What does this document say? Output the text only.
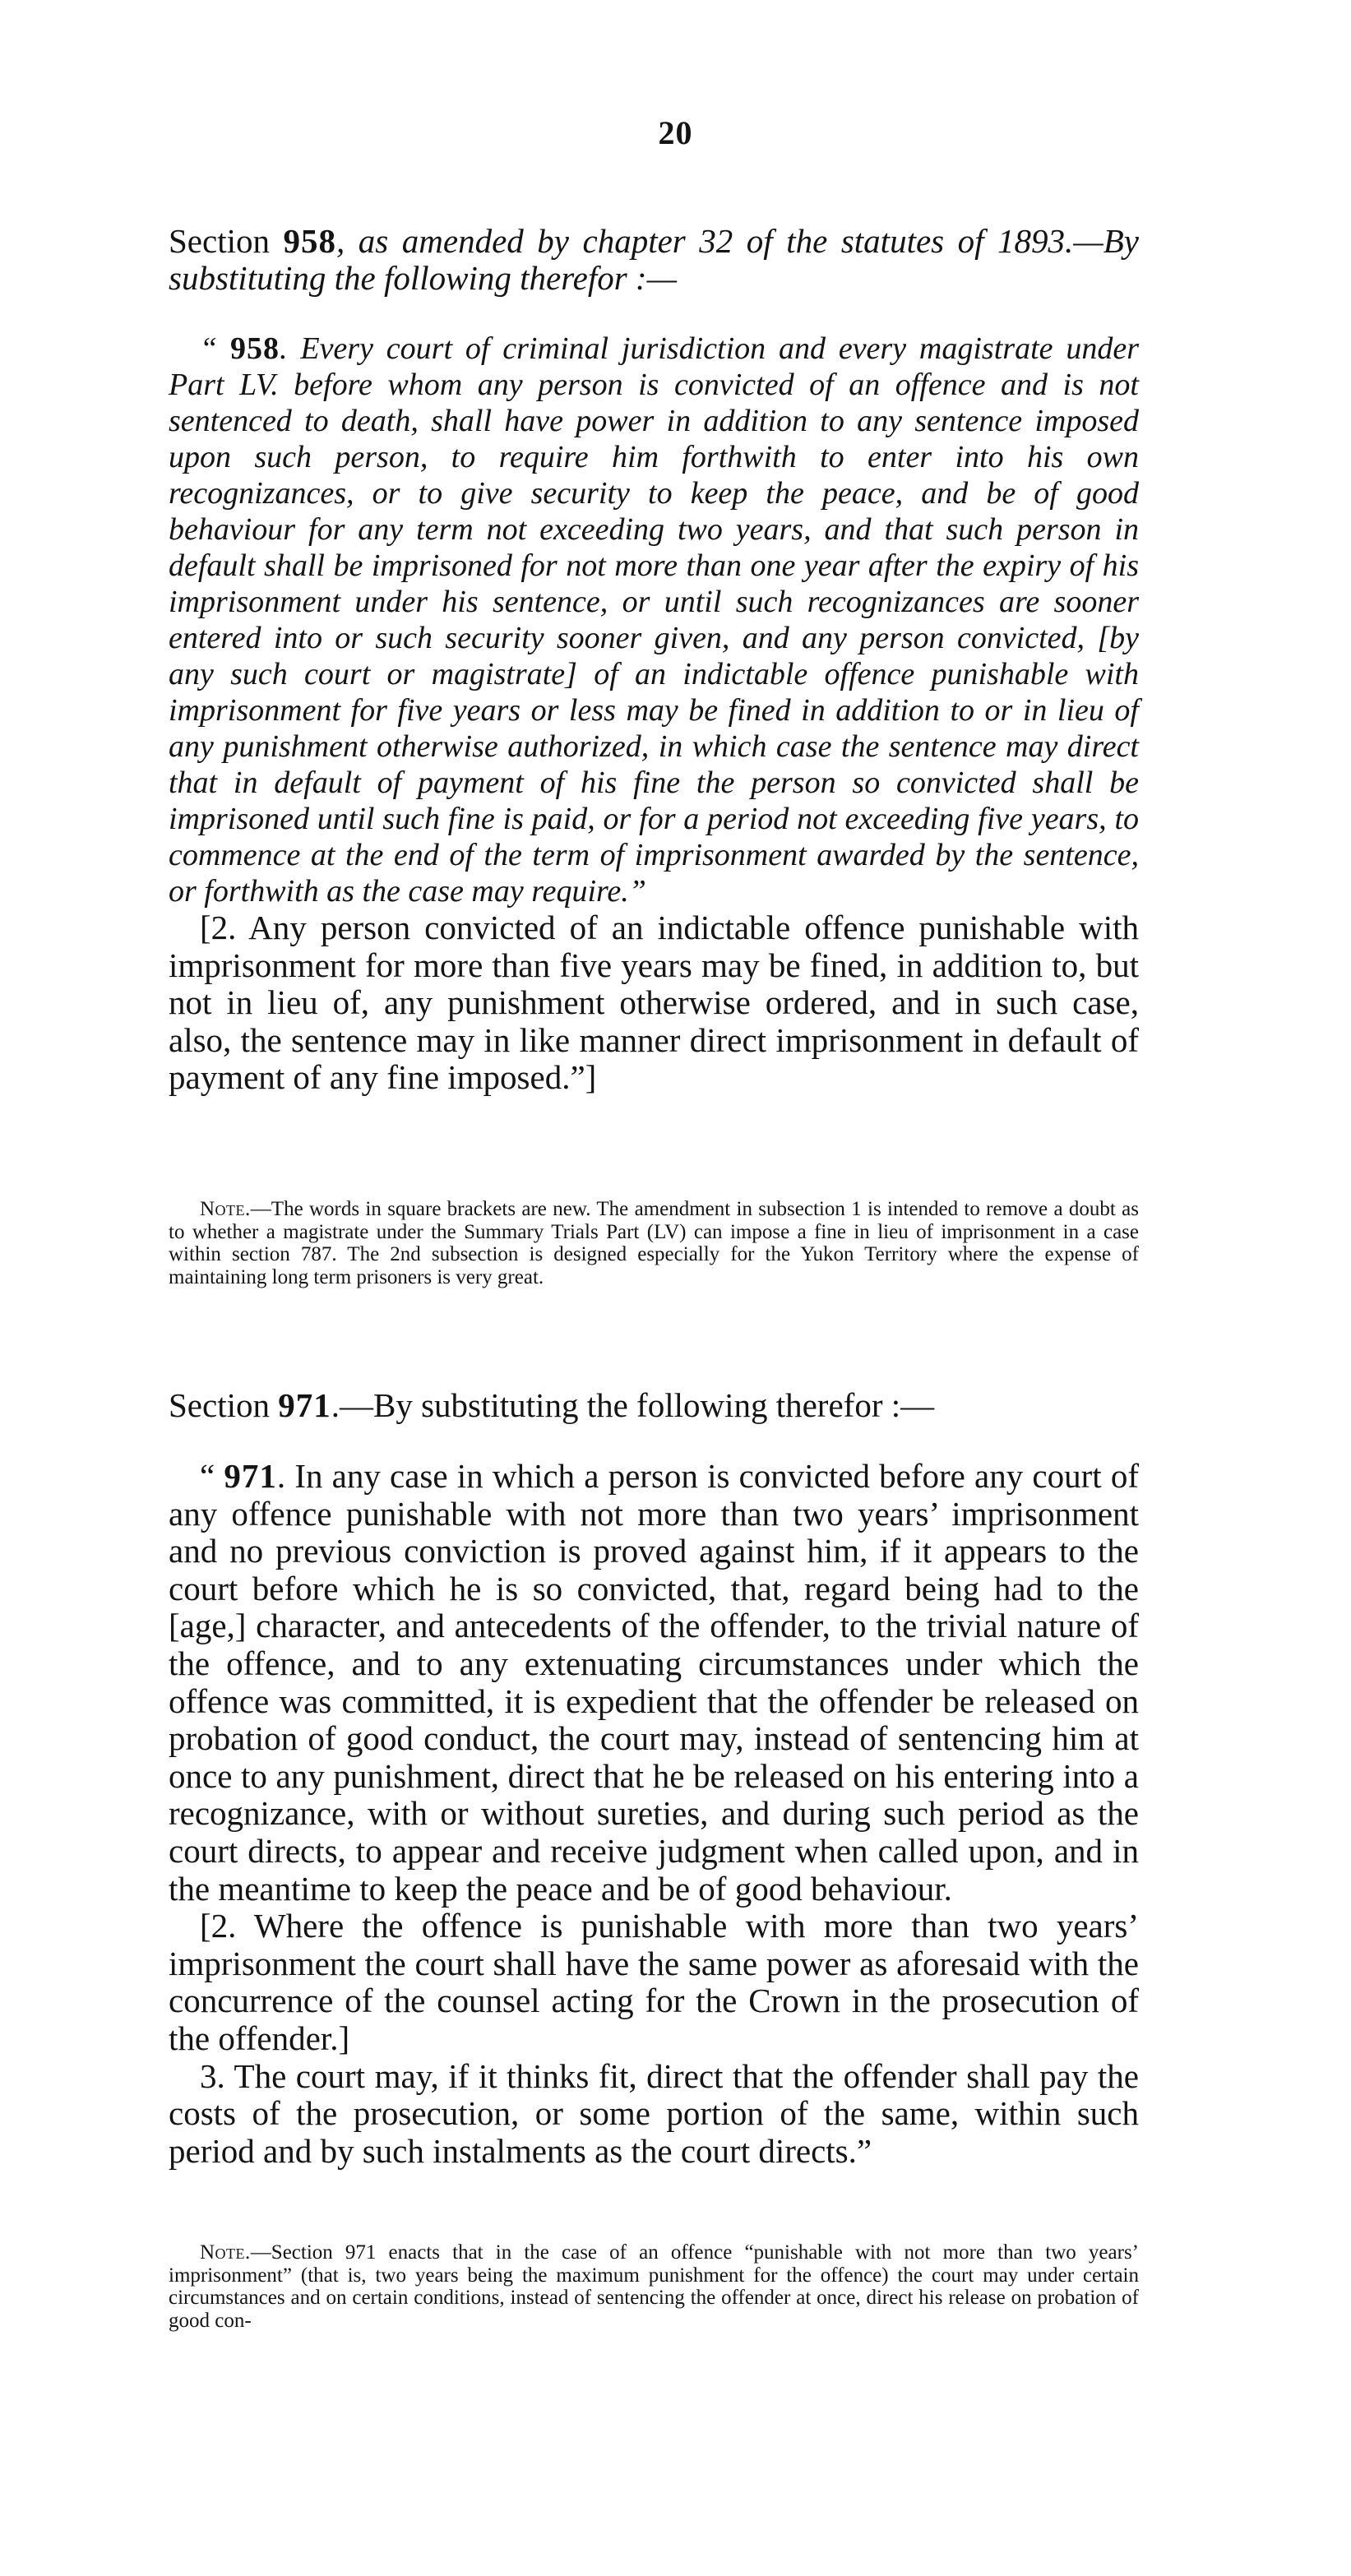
20

Section 958, as amended by chapter 32 of the statutes of 1893.—By substituting the following therefor :—

“ 958. Every court of criminal jurisdiction and every magistrate under Part LV. before whom any person is convicted of an offence and is not sentenced to death, shall have power in addition to any sentence imposed upon such person, to require him forthwith to enter into his own recognizances, or to give security to keep the peace, and be of good behaviour for any term not exceeding two years, and that such person in default shall be imprisoned for not more than one year after the expiry of his imprisonment under his sentence, or until such recognizances are sooner entered into or such security sooner given, and any person convicted, [by any such court or magistrate] of an indictable offence punishable with imprisonment for five years or less may be fined in addition to or in lieu of any punishment otherwise authorized, in which case the sentence may direct that in default of payment of his fine the person so convicted shall be imprisoned until such fine is paid, or for a period not exceeding five years, to commence at the end of the term of imprisonment awarded by the sentence, or forthwith as the case may require.”

[2. Any person convicted of an indictable offence punishable with imprisonment for more than five years may be fined, in addition to, but not in lieu of, any punishment otherwise ordered, and in such case, also, the sentence may in like manner direct imprisonment in default of payment of any fine imposed.”]

Note.—The words in square brackets are new. The amendment in subsection 1 is intended to remove a doubt as to whether a magistrate under the Summary Trials Part (LV) can impose a fine in lieu of imprisonment in a case within section 787. The 2nd subsection is designed especially for the Yukon Territory where the expense of maintaining long term prisoners is very great.

Section 971.—By substituting the following therefor :—

“ 971. In any case in which a person is convicted before any court of any offence punishable with not more than two years’ imprisonment and no previous conviction is proved against him, if it appears to the court before which he is so convicted, that, regard being had to the [age,] character, and antecedents of the offender, to the trivial nature of the offence, and to any extenuating circumstances under which the offence was committed, it is expedient that the offender be released on probation of good conduct, the court may, instead of sentencing him at once to any punishment, direct that he be released on his entering into a recognizance, with or without sureties, and during such period as the court directs, to appear and receive judgment when called upon, and in the meantime to keep the peace and be of good behaviour.

[2. Where the offence is punishable with more than two years’ imprisonment the court shall have the same power as aforesaid with the concurrence of the counsel acting for the Crown in the prosecution of the offender.]

3. The court may, if it thinks fit, direct that the offender shall pay the costs of the prosecution, or some portion of the same, within such period and by such instalments as the court directs.”

Note.—Section 971 enacts that in the case of an offence “punishable with not more than two years’ imprisonment” (that is, two years being the maximum punishment for the offence) the court may under certain circumstances and on certain conditions, instead of sentencing the offender at once, direct his release on probation of good con-
